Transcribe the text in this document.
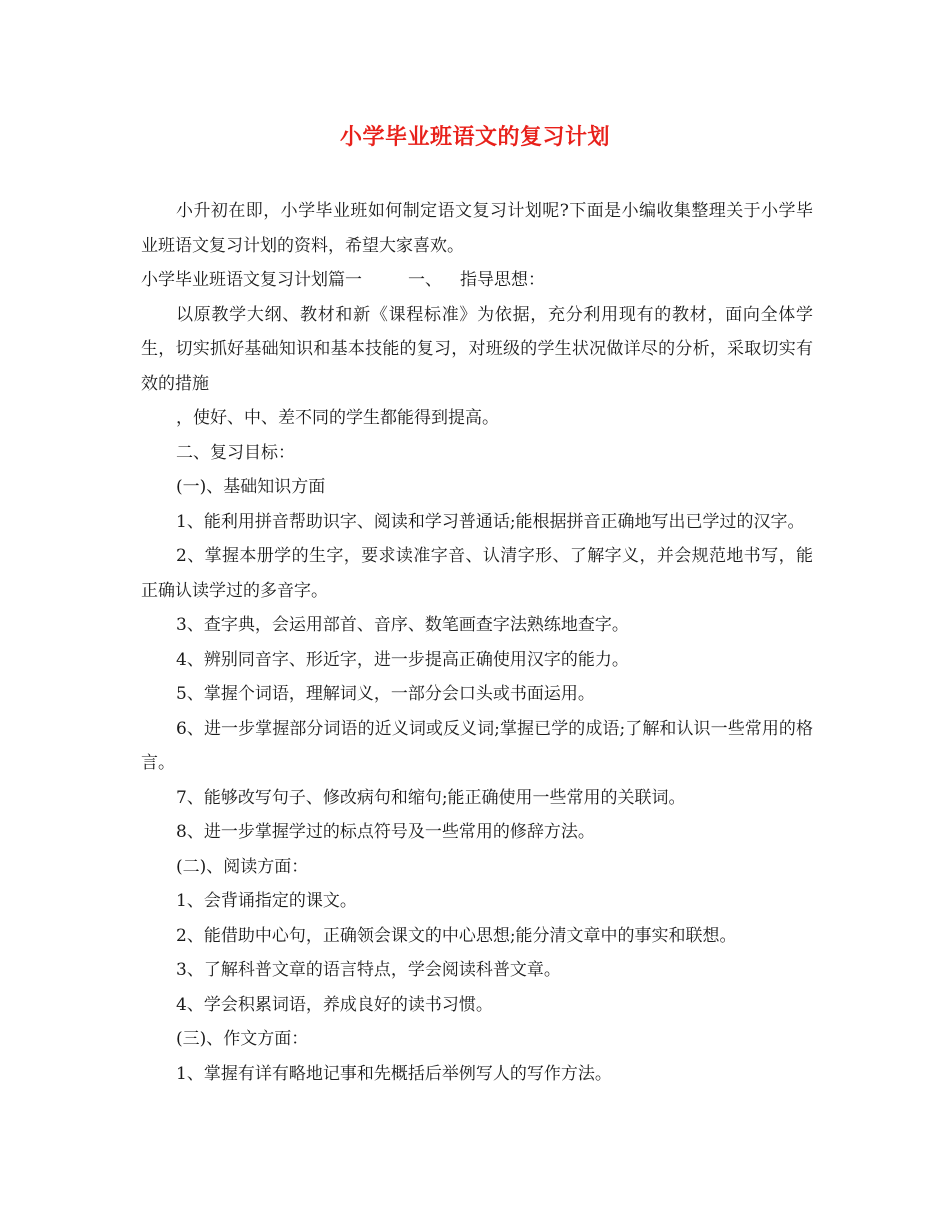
小学毕业班语文的复习计划

小升初在即，小学毕业班如何制定语文复习计划呢?下面是小编收集整理关于小学毕业班语文复习计划的资料，希望大家喜欢。

小学毕业班语文复习计划篇一	一、 指导思想：

以原教学大纲、教材和新《课程标准》为依据，充分利用现有的教材，面向全体学生，切实抓好基础知识和基本技能的复习，对班级的学生状况做详尽的分析，采取切实有效的措施

，使好、中、差不同的学生都能得到提高。

二、复习目标：

(一)、基础知识方面

1、能利用拼音帮助识字、阅读和学习普通话;能根据拼音正确地写出已学过的汉字。

2、掌握本册学的生字，要求读准字音、认清字形、了解字义，并会规范地书写，能正确认读学过的多音字。

3、查字典，会运用部首、音序、数笔画查字法熟练地查字。

4、辨别同音字、形近字，进一步提高正确使用汉字的能力。

5、掌握个词语，理解词义，一部分会口头或书面运用。

6、进一步掌握部分词语的近义词或反义词;掌握已学的成语;了解和认识一些常用的格言。

7、能够改写句子、修改病句和缩句;能正确使用一些常用的关联词。

8、进一步掌握学过的标点符号及一些常用的修辞方法。

(二)、阅读方面：

1、会背诵指定的课文。

2、能借助中心句，正确领会课文的中心思想;能分清文章中的事实和联想。

3、了解科普文章的语言特点，学会阅读科普文章。

4、学会积累词语，养成良好的读书习惯。

(三)、作文方面：

1、掌握有详有略地记事和先概括后举例写人的写作方法。
